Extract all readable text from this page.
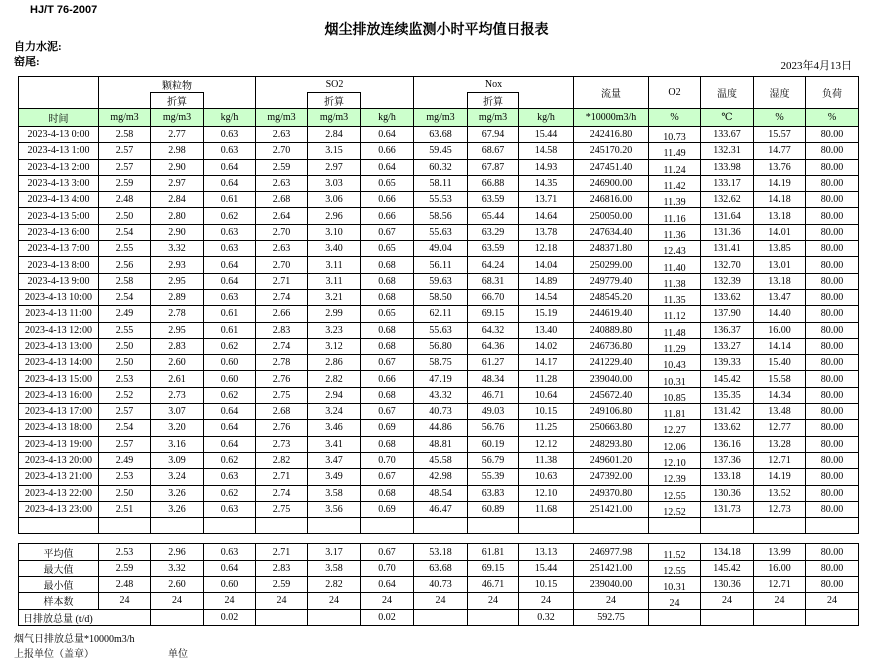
HJ/T 76-2007
烟尘排放连续监测小时平均值日报表
自力水泥:
窑尾:	2023年4月13日
	颗粒物			SO2			Nox			流量	O2	温度	湿度	负荷
		折算			折算			折算						
时间	mg/m3	mg/m3	kg/h	mg/m3	mg/m3	kg/h	mg/m3	mg/m3	kg/h	*10000m3/h	%	℃	%	%
2023-4-13 0:00	2.58	2.77	0.63	2.63	2.84	0.64	63.68	67.94	15.44	242416.80	10.73	133.67	15.57	80.00
2023-4-13 1:00	2.57	2.98	0.63	2.70	3.15	0.66	59.45	68.67	14.58	245170.20	11.49	132.31	14.77	80.00
2023-4-13 2:00	2.57	2.90	0.64	2.59	2.97	0.64	60.32	67.87	14.93	247451.40	11.24	133.98	13.76	80.00
2023-4-13 3:00	2.59	2.97	0.64	2.63	3.03	0.65	58.11	66.88	14.35	246900.00	11.42	133.17	14.19	80.00
2023-4-13 4:00	2.48	2.84	0.61	2.68	3.06	0.66	55.53	63.59	13.71	246816.00	11.39	132.62	14.18	80.00
2023-4-13 5:00	2.50	2.80	0.62	2.64	2.96	0.66	58.56	65.44	14.64	250050.00	11.16	131.64	13.18	80.00
2023-4-13 6:00	2.54	2.90	0.63	2.70	3.10	0.67	55.63	63.29	13.78	247634.40	11.36	131.36	14.01	80.00
2023-4-13 7:00	2.55	3.32	0.63	2.63	3.40	0.65	49.04	63.59	12.18	248371.80	12.43	131.41	13.85	80.00
2023-4-13 8:00	2.56	2.93	0.64	2.70	3.11	0.68	56.11	64.24	14.04	250299.00	11.40	132.70	13.01	80.00
2023-4-13 9:00	2.58	2.95	0.64	2.71	3.11	0.68	59.63	68.31	14.89	249779.40	11.38	132.39	13.18	80.00
2023-4-13 10:00	2.54	2.89	0.63	2.74	3.21	0.68	58.50	66.70	14.54	248545.20	11.35	133.62	13.47	80.00
2023-4-13 11:00	2.49	2.78	0.61	2.66	2.99	0.65	62.11	69.15	15.19	244619.40	11.12	137.90	14.40	80.00
2023-4-13 12:00	2.55	2.95	0.61	2.83	3.23	0.68	55.63	64.32	13.40	240889.80	11.48	136.37	16.00	80.00
2023-4-13 13:00	2.50	2.83	0.62	2.74	3.12	0.68	56.80	64.36	14.02	246736.80	11.29	133.27	14.14	80.00
2023-4-13 14:00	2.50	2.60	0.60	2.78	2.86	0.67	58.75	61.27	14.17	241229.40	10.43	139.33	15.40	80.00
2023-4-13 15:00	2.53	2.61	0.60	2.76	2.82	0.66	47.19	48.34	11.28	239040.00	10.31	145.42	15.58	80.00
2023-4-13 16:00	2.52	2.73	0.62	2.75	2.94	0.68	43.32	46.71	10.64	245672.40	10.85	135.35	14.34	80.00
2023-4-13 17:00	2.57	3.07	0.64	2.68	3.24	0.67	40.73	49.03	10.15	249106.80	11.81	131.42	13.48	80.00
2023-4-13 18:00	2.54	3.20	0.64	2.76	3.46	0.69	44.86	56.76	11.25	250663.80	12.27	133.62	12.77	80.00
2023-4-13 19:00	2.57	3.16	0.64	2.73	3.41	0.68	48.81	60.19	12.12	248293.80	12.06	136.16	13.28	80.00
2023-4-13 20:00	2.49	3.09	0.62	2.82	3.47	0.70	45.58	56.79	11.38	249601.20	12.10	137.36	12.71	80.00
2023-4-13 21:00	2.53	3.24	0.63	2.71	3.49	0.67	42.98	55.39	10.63	247392.00	12.39	133.18	14.19	80.00
2023-4-13 22:00	2.50	3.26	0.62	2.74	3.58	0.68	48.54	63.83	12.10	249370.80	12.55	130.36	13.52	80.00
2023-4-13 23:00	2.51	3.26	0.63	2.75	3.56	0.69	46.47	60.89	11.68	251421.00	12.52	131.73	12.73	80.00

平均值	2.53	2.96	0.63	2.71	3.17	0.67	53.18	61.81	13.13	246977.98	11.52	134.18	13.99	80.00
最大值	2.59	3.32	0.64	2.83	3.58	0.70	63.68	69.15	15.44	251421.00	12.55	145.42	16.00	80.00
最小值	2.48	2.60	0.60	2.59	2.82	0.64	40.73	46.71	10.15	239040.00	10.31	130.36	12.71	80.00
样本数	24	24	24	24	24	24	24	24	24	24	24	24	24	24
日排放总量 (t/d)			0.02			0.02			0.32	592.75				
烟气日排放总量*10000m3/h
上报单位（盖章）	单位
